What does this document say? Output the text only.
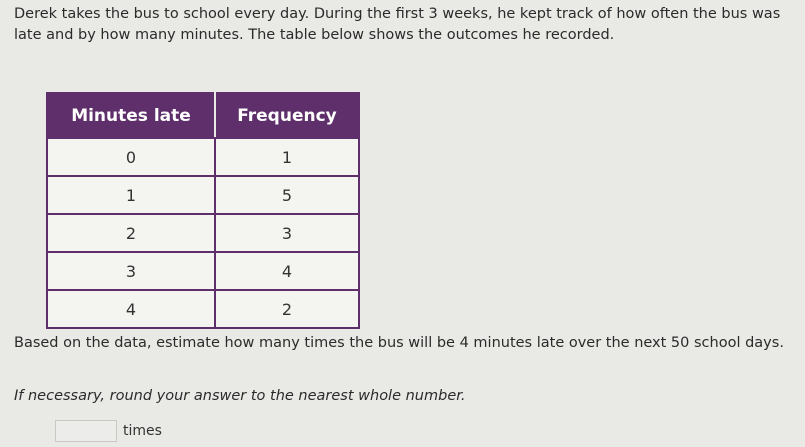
Derek takes the bus to school every day. During the first 3 weeks, he kept track of how often the bus was late and by how many minutes. The table below shows the outcomes he recorded.

Minutes late	Frequency
0	1
1	5
2	3
3	4
4	2

Based on the data, estimate how many times the bus will be 4 minutes late over the next 50 school days.

If necessary, round your answer to the nearest whole number.

times
